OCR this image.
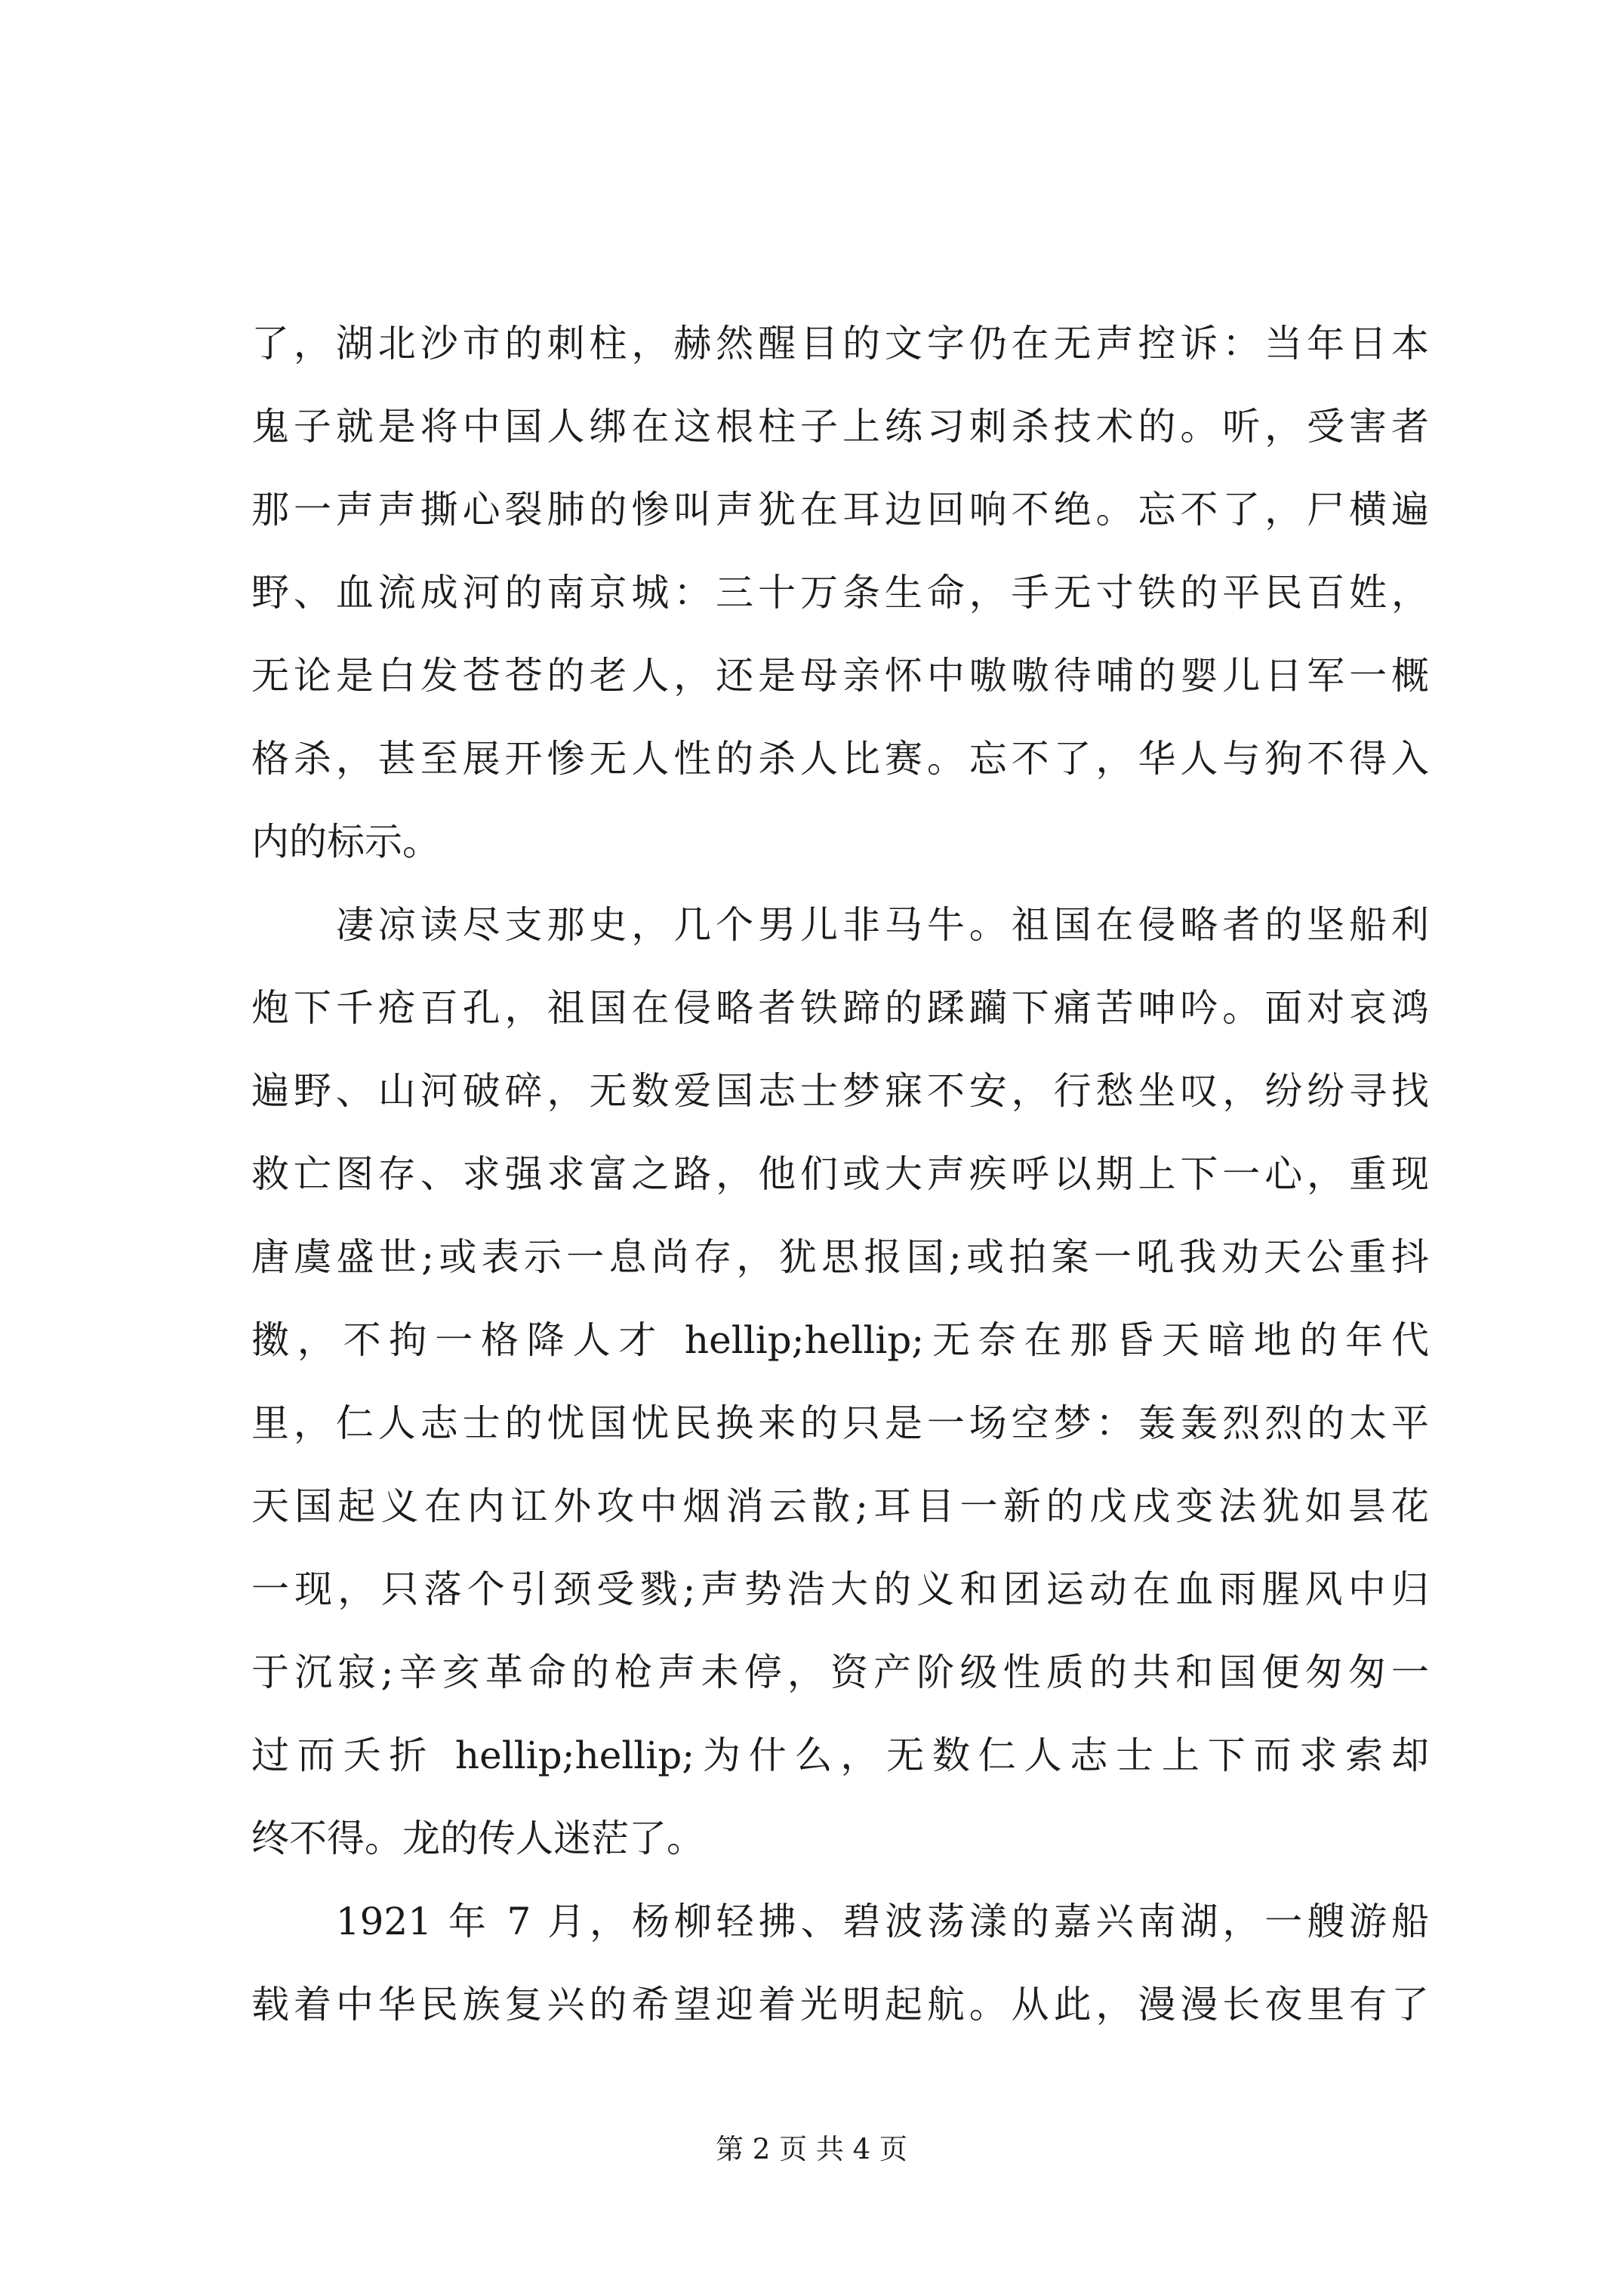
了，湖北沙市的刺柱，赫然醒目的文字仍在无声控诉：当年日本
鬼子就是将中国人绑在这根柱子上练习刺杀技术的。听，受害者
那一声声撕心裂肺的惨叫声犹在耳边回响不绝。忘不了，尸横遍
野、血流成河的南京城：三十万条生命，手无寸铁的平民百姓，
无论是白发苍苍的老人，还是母亲怀中嗷嗷待哺的婴儿日军一概
格杀，甚至展开惨无人性的杀人比赛。忘不了，华人与狗不得入
内的标示。
　　凄凉读尽支那史，几个男儿非马牛。祖国在侵略者的坚船利
炮下千疮百孔，祖国在侵略者铁蹄的蹂躏下痛苦呻吟。面对哀鸿
遍野、山河破碎，无数爱国志士梦寐不安，行愁坐叹，纷纷寻找
救亡图存、求强求富之路，他们或大声疾呼以期上下一心，重现
唐虞盛世;或表示一息尚存，犹思报国;或拍案一吼我劝天公重抖
擞，不拘一格降人才 hellip;hellip;无奈在那昏天暗地的年代
里，仁人志士的忧国忧民换来的只是一场空梦：轰轰烈烈的太平
天国起义在内讧外攻中烟消云散;耳目一新的戊戌变法犹如昙花
一现，只落个引颈受戮;声势浩大的义和团运动在血雨腥风中归
于沉寂;辛亥革命的枪声未停，资产阶级性质的共和国便匆匆一
过而夭折 hellip;hellip;为什么，无数仁人志士上下而求索却
终不得。龙的传人迷茫了。
　　1921 年 7 月，杨柳轻拂、碧波荡漾的嘉兴南湖，一艘游船
载着中华民族复兴的希望迎着光明起航。从此，漫漫长夜里有了
第 2 页 共 4 页
